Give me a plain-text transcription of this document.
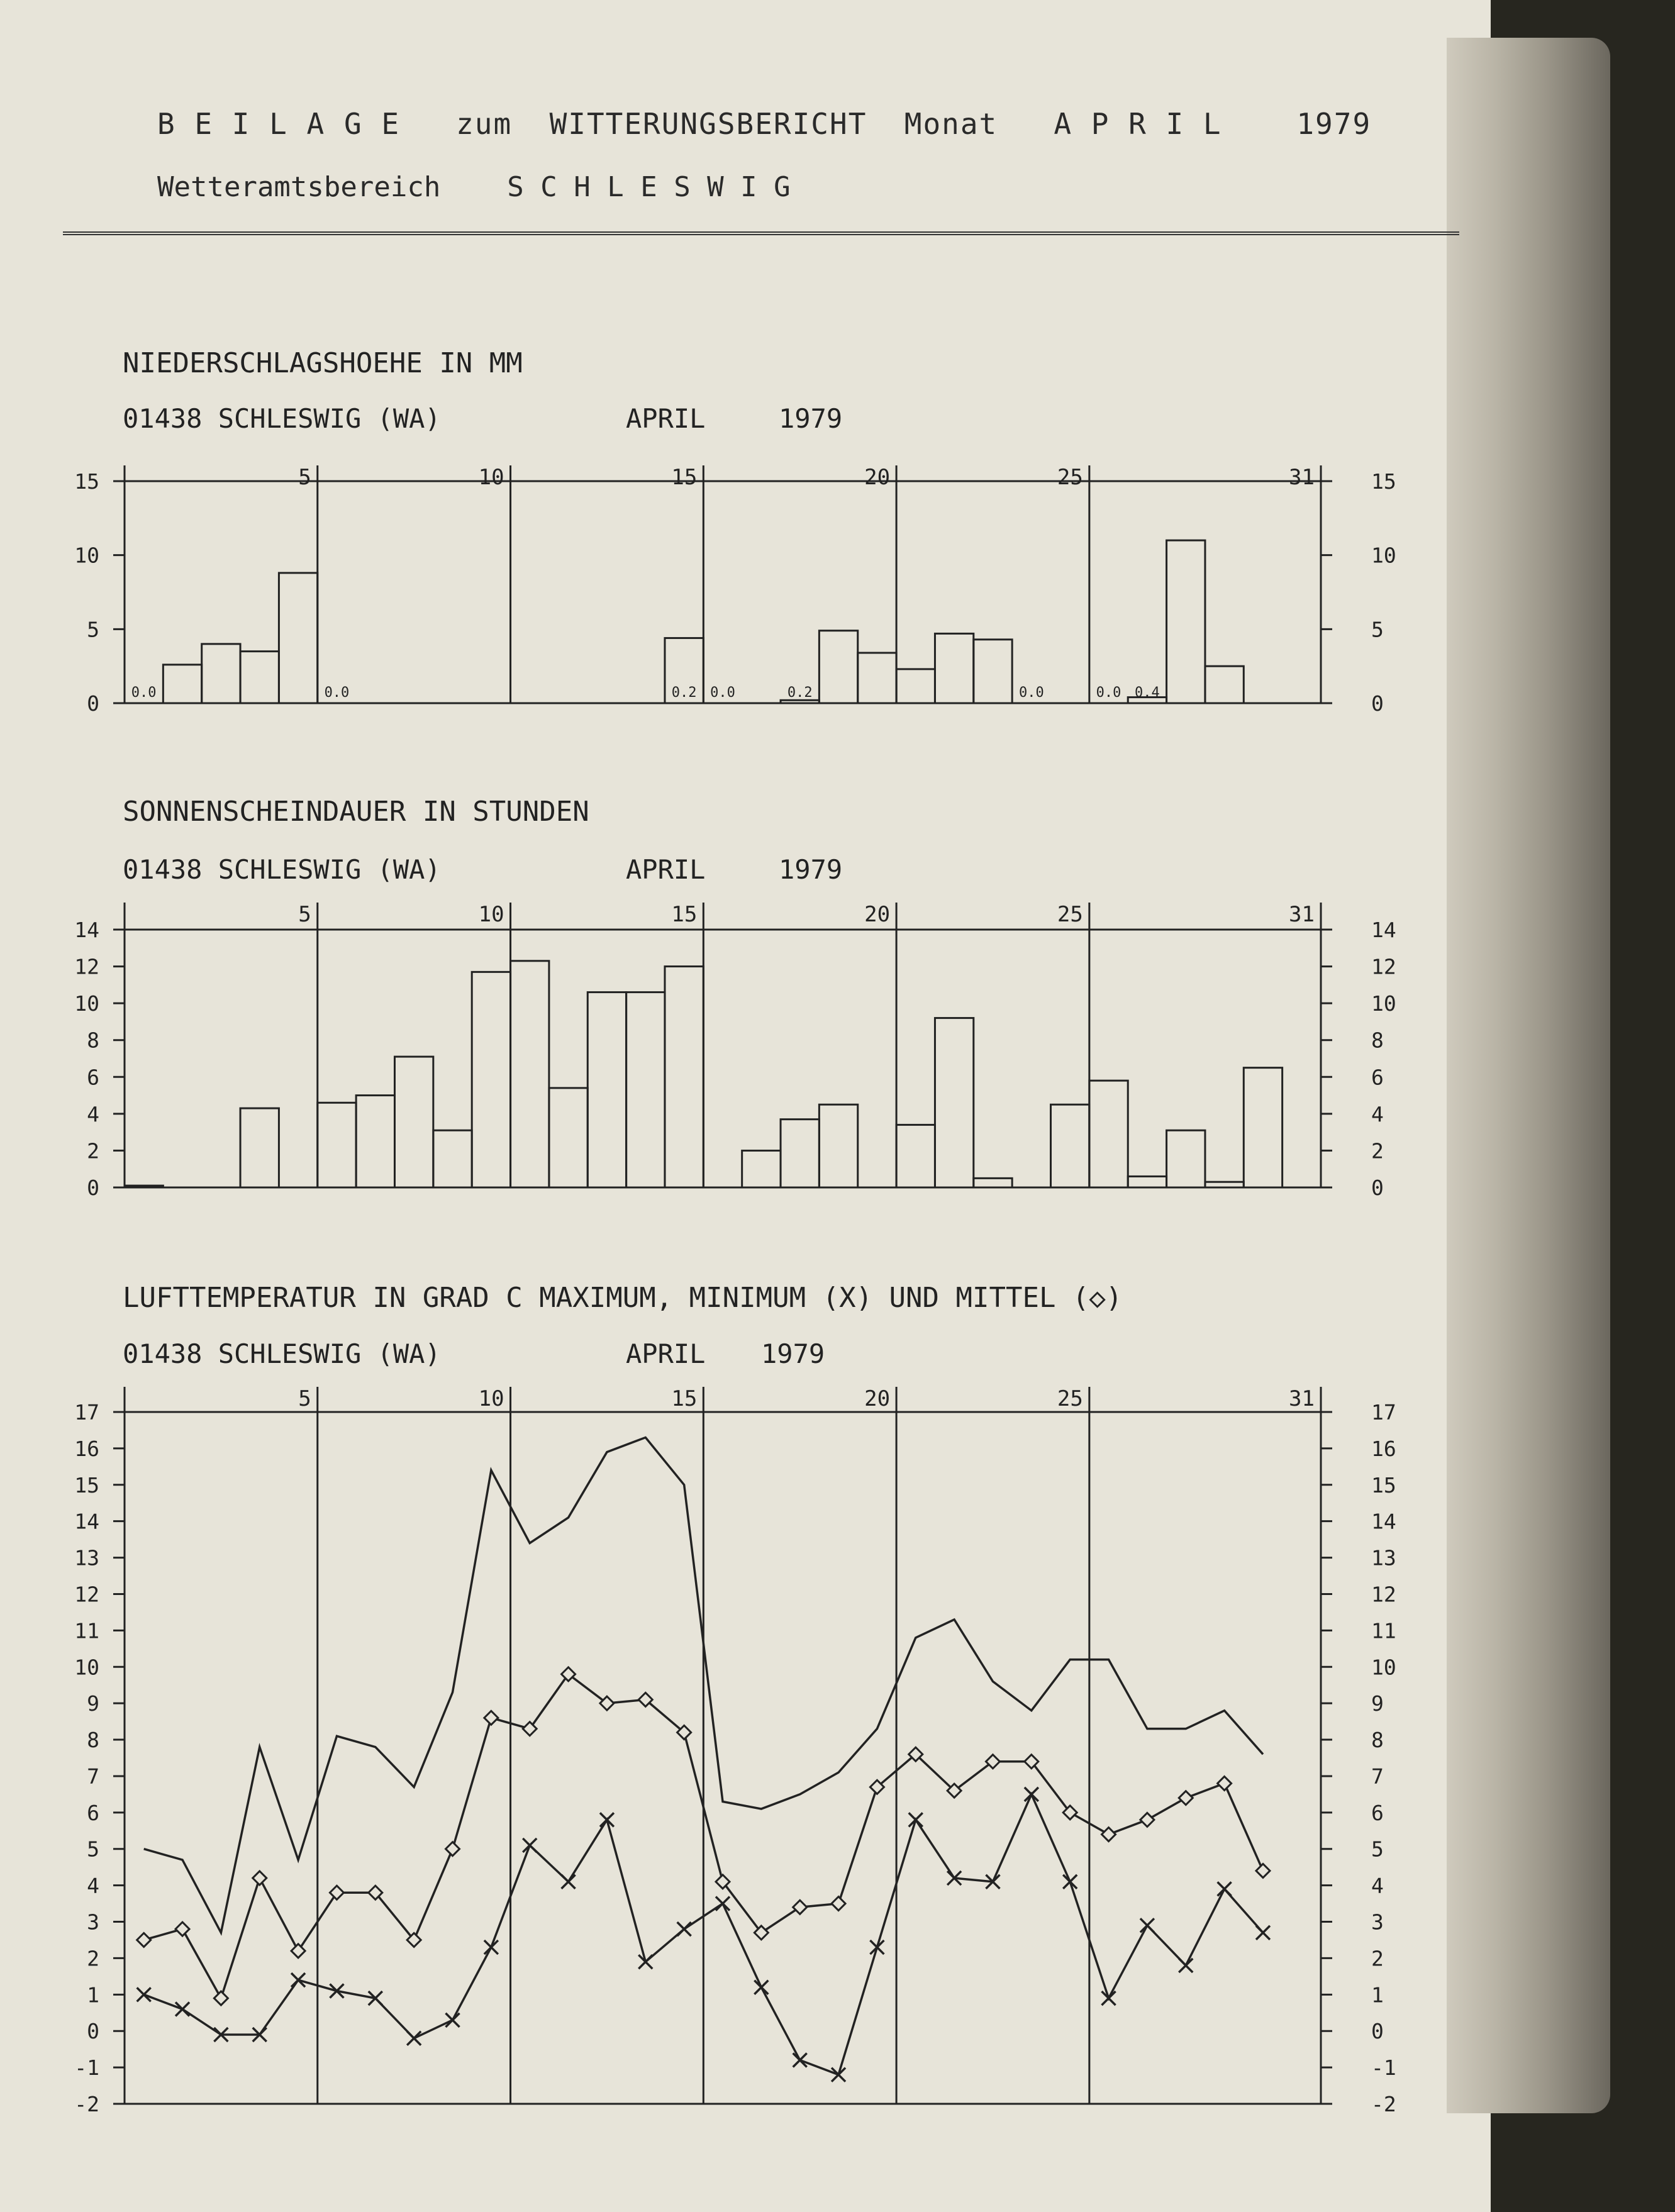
B E I L A G E   zum  WITTERUNGSBERICHT  Monat   A P R I L    1979
Wetteramtsbereich    S C H L E S W I G
NIEDERSCHLAGSHOEHE IN MM
01438 SCHLESWIG (WA)	APRIL	1979
5	10	15	20	25	31
0	0
5	5
10	10
15	15
0.0	0.0	0.2 0.0	0.2	0.0	0.0 0.4
SONNENSCHEINDAUER IN STUNDEN
01438 SCHLESWIG (WA)	APRIL	1979
5	10	15	20	25	31
0	0
2	2
4	4
6	6
8	8
10	10
12	12
14	14
LUFTTEMPERATUR IN GRAD C MAXIMUM, MINIMUM (X) UND MITTEL (◇)
01438 SCHLESWIG (WA)	APRIL 1979
5	10	15	20	25	31
-2	-2
-1	-1
0	0
1	1
2	2
3	3
4	4
5	5
6	6
7	7
8	8
9	9
10	10
11	11
12	12
13	13
14	14
15	15
16	16
17	17
